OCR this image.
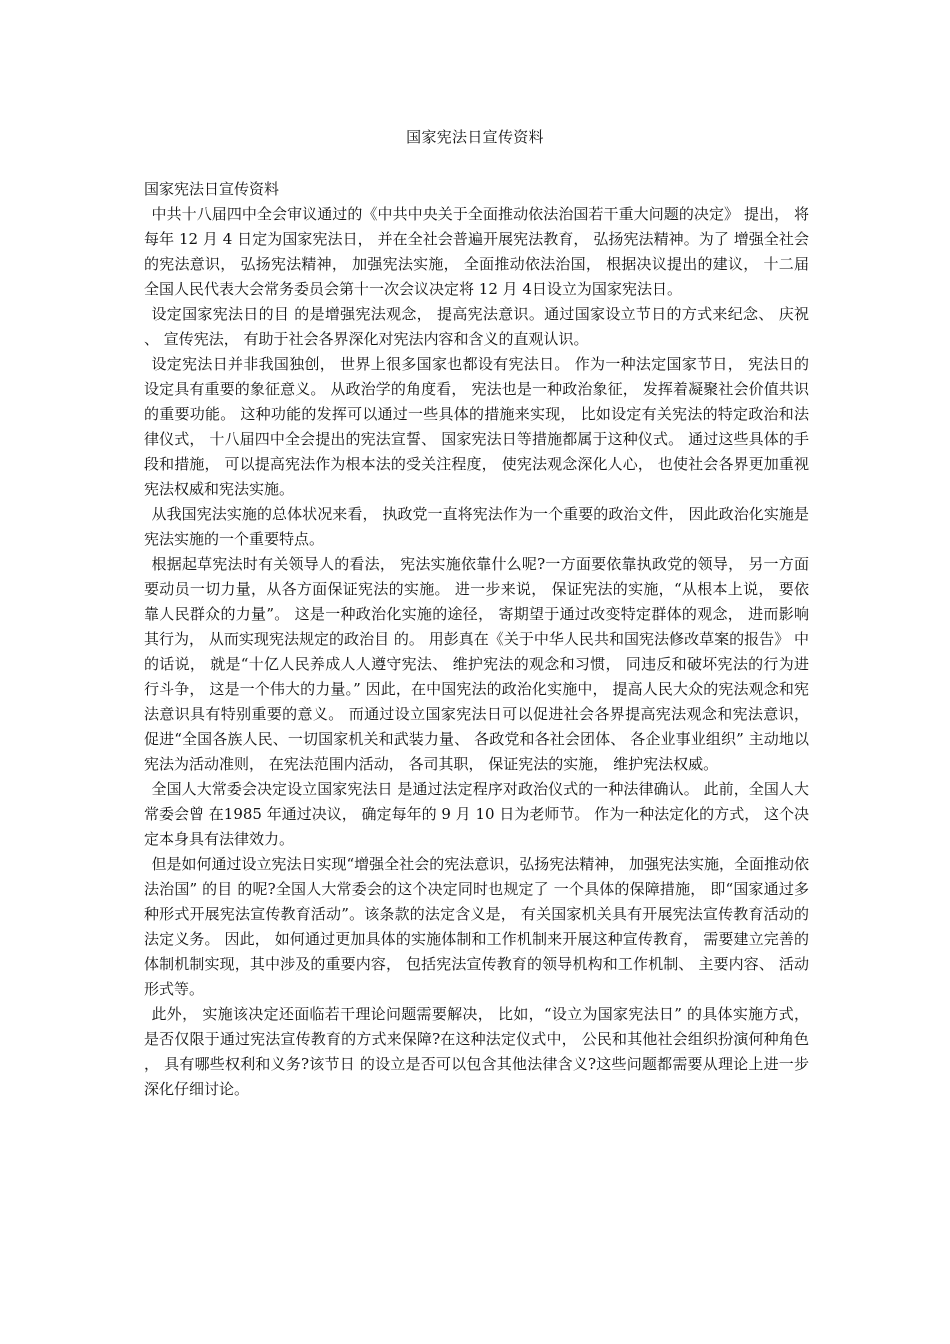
国家宪法日宣传资料

国家宪法日宣传资料

中共十八届四中全会审议通过的《中共中央关于全面推动依法治国若干重大问题的决定》 提出， 将每年 12 月 4 日定为国家宪法日， 并在全社会普遍开展宪法教育， 弘扬宪法精神。为了 增强全社会的宪法意识， 弘扬宪法精神， 加强宪法实施， 全面推动依法治国， 根据决议提出的建议， 十二届全国人民代表大会常务委员会第十一次会议决定将 12 月 4日设立为国家宪法日。

设定国家宪法日的目 的是增强宪法观念， 提高宪法意识。通过国家设立节日的方式来纪念、 庆祝、 宣传宪法， 有助于社会各界深化对宪法内容和含义的直观认识。

设定宪法日并非我国独创， 世界上很多国家也都设有宪法日。 作为一种法定国家节日， 宪法日的设定具有重要的象征意义。 从政治学的角度看， 宪法也是一种政治象征， 发挥着凝聚社会价值共识的重要功能。 这种功能的发挥可以通过一些具体的措施来实现， 比如设定有关宪法的特定政治和法律仪式， 十八届四中全会提出的宪法宣誓、 国家宪法日等措施都属于这种仪式。 通过这些具体的手段和措施， 可以提高宪法作为根本法的受关注程度， 使宪法观念深化人心， 也使社会各界更加重视宪法权威和宪法实施。

从我国宪法实施的总体状况来看， 执政党一直将宪法作为一个重要的政治文件， 因此政治化实施是宪法实施的一个重要特点。

根据起草宪法时有关领导人的看法， 宪法实施依靠什么呢?一方面要依靠执政党的领导， 另一方面要动员一切力量，从各方面保证宪法的实施。 进一步来说， 保证宪法的实施，“从根本上说， 要依靠人民群众的力量”。 这是一种政治化实施的途径， 寄期望于通过改变特定群体的观念， 进而影响其行为， 从而实现宪法规定的政治目 的。 用彭真在《关于中华人民共和国宪法修改草案的报告》 中的话说， 就是“十亿人民养成人人遵守宪法、 维护宪法的观念和习惯， 同违反和破坏宪法的行为进行斗争， 这是一个伟大的力量。” 因此，在中国宪法的政治化实施中， 提高人民大众的宪法观念和宪法意识具有特别重要的意义。 而通过设立国家宪法日可以促进社会各界提高宪法观念和宪法意识， 促进“全国各族人民、一切国家机关和武装力量、 各政党和各社会团体、 各企业事业组织” 主动地以宪法为活动准则， 在宪法范围内活动， 各司其职， 保证宪法的实施， 维护宪法权威。

全国人大常委会决定设立国家宪法日 是通过法定程序对政治仪式的一种法律确认。 此前，全国人大常委会曾 在1985 年通过决议， 确定每年的 9 月 10 日为老师节。 作为一种法定化的方式， 这个决定本身具有法律效力。

但是如何通过设立宪法日实现“增强全社会的宪法意识，弘扬宪法精神， 加强宪法实施，全面推动依法治国” 的目 的呢?全国人大常委会的这个决定同时也规定了 一个具体的保障措施， 即“国家通过多种形式开展宪法宣传教育活动”。该条款的法定含义是， 有关国家机关具有开展宪法宣传教育活动的法定义务。 因此， 如何通过更加具体的实施体制和工作机制来开展这种宣传教育， 需要建立完善的体制机制实现，其中涉及的重要内容， 包括宪法宣传教育的领导机构和工作机制、 主要内容、 活动形式等。

此外， 实施该决定还面临若干理论问题需要解决， 比如，“设立为国家宪法日” 的具体实施方式， 是否仅限于通过宪法宣传教育的方式来保障?在这种法定仪式中， 公民和其他社会组织扮演何种角色， 具有哪些权利和义务?该节日 的设立是否可以包含其他法律含义?这些问题都需要从理论上进一步深化仔细讨论。
